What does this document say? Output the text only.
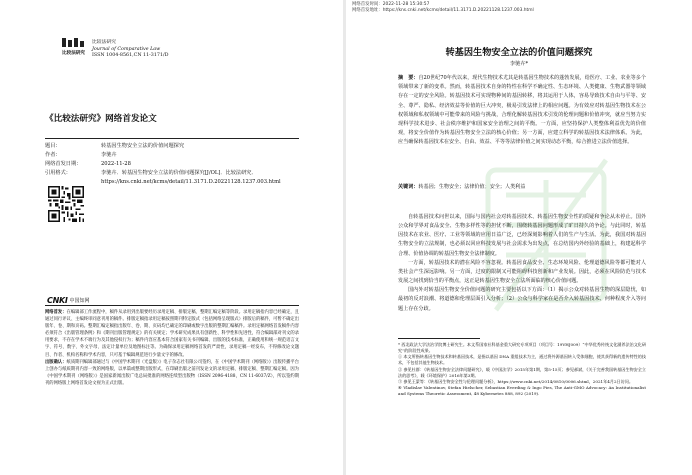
比较法研究
比较法研究
Journal of Comparative Law
ISSN 1004-8561,CN 11-3171/D
《比较法研究》网络首发论文
题目：	转基因生物安全立法的价值问题探究
作者：	李驰卉
网络首发日期：	2022-11-28
引用格式：	李驰卉．转基因生物安全立法的价值问题探究[J/OL]．比较法研究．
https://kns.cnki.net/kcms/detail/11.3171.D.20221128.1237.003.html
CNKI 中国知网
网络首发：在编辑部工作流程中，稿件从录用到出版要经历录用定稿、排版定稿、整期汇编定稿等阶段。录用定稿指内容已经确定，且通过同行评议、主编终审同意刊用的稿件。排版定稿指录用定稿按照期刊特定版式（包括网络呈现版式）排版后的稿件，可暂不确定出版年、卷、期和页码。整期汇编定稿指出版年、卷、期、页码均已确定的印刷或数字出版的整期汇编稿件。录用定稿网络首发稿件内容必须符合《出版管理条例》和《期刊出版管理规定》的有关规定；学术研究成果具有创新性、科学性和先进性，符合编辑部对刊文的录用要求，不存在学术不端行为及其他侵权行为；稿件内容应基本符合国家有关书刊编辑、出版的技术标准，正确使用和统一规范语言文字、符号、数字、外文字母、法定计量单位及地图标注等。为确保录用定稿网络首发的严肃性，录用定稿一经发布，不得修改论文题目、作者、机构名称和学术内容，只可基于编辑规范进行少量文字的修改。
出版确认：纸质期刊编辑部通过与《中国学术期刊（光盘版）》电子杂志社有限公司签约，在《中国学术期刊（网络版）》出版传播平台上创办与纸质期刊内容一致的网络版，以单篇或整期出版形式，在印刷出版之前刊发论文的录用定稿、排版定稿、整期汇编定稿。因为《中国学术期刊（网络版）》是国家新闻出版广电总局批准的网络连续型出版物（ISSN 2096-4188，CN 11-6037/Z），所以签约期刊的网络版上网络首发论文视为正式出版。
网络首发时间：2022-11-28 15:30:57
网络首发地址：https://kns.cnki.net/kcms/detail/11.3171.D.20221128.1237.003.html
转基因生物安全立法的价值问题探究
李驰卉*
摘　要：自20世纪70年代以来，现代生物技术尤其是转基因生物技术的蓬勃发展，给医疗、工业、农业等多个领域带来了新的变革。然而，转基因技术自身的特性在科学不确定性、生态环境、人类健康、生物武器等领域存在一定的安全风险。转基因技术可实现物种间的基因转移，将其运用于人体，容易导致技术自由与平等、安全、尊严、隐私、经济效益等价值的巨大冲突，极易引发法律上的相应问题。为有效应对转基因生物技术在公权领域和私权领域中可能带来的风险与挑战，合理化解转基因技术引发的伦理问题和价值冲突，就应当努力实现科学技术进步、社会秩序维护和国家安全治理之间的平衡。一方面，应坚持保护人类整体利益优先的价值观，将安全价值作为转基因生物安全立法的核心价值；另一方面，应建立科学的转基因技术法律体系。为此，应当确保转基因技术在安全、自由、效益、平等等法律价值之间实现动态平衡，综合推进立法价值选择。
关键词：转基因；生物安全；法律价值；安全；人类利益

自转基因技术问世以来，国际与国内社会对转基因技术、转基因生物安全性的质疑和争论从未停止。国外公众和学界对食品安全、生物多样性等的担忧不断，围绕转基因问题形成了旷日持久的争论。与此同时，转基因技术在农业、医疗、工业等领域的应用日益广泛，已经深刻影响着人们的生产与生活。为此，我国对转基因生物安全的立法规制，也必须以回应科技发展与社会需求为出发点，在总结国内外经验的基础上，构建起科学合理、价值协调的转基因生物安全法律制度。

一方面，转基因技术的潜在风险不容忽视。转基因食品安全、生态环境风险、伦理道德风险等都可能对人类社会产生深远影响。另一方面，过度的限制又可能阻碍科技创新和产业发展。因此，必须在风险防范与技术发展之间找到恰当的平衡点，这正是转基因生物安全立法所面临的核心价值问题。

国内外对转基因生物安全价值问题的研究主要包括以下方面：（1）揭示公众对转基因生物的深层隐忧，如最初的反对浪潮、将道德和伦理层面引入分析；（2）公众与科学家在是否介入转基因技术、何种程度介入等问题上存在分歧。

* 西北政法大学法治学院博士研究生。本文系国家社科基金重大研究专项项目（项目号：19VHJ009）“中华优秀传统文化涵养法治文化研究”的阶段性成果。

① 本文所指转基因生物技术和转基因技术，是指以基因 DNA 重组技术为主，通过将外源基因转入受体细胞，使其获得新的遗传特性的技术，不包括其他生物技术。

② 参见杜群：《转基因生物安全法律问题研究》，载《中国法学》2015年第1期，第5-15页；参见郝斌，《关于完善我国转基因生物安全立法的思考》，载《环境保护》2016年第3期。

③ 参见王蒙等：《转基因生物安全性与伦理问题分析》，https://www.cnki.net/2014/0810/0006.shtml，2021年4月2日访问。

④ Vladislav Valentinov, Stefan Hielscher, Sebastian Everding & Ingo Pies, The Anti-GMO Advocacy: An Institutionalist and Systems Theoretic Assessment, 48 Kybernetes 888, 892 (2019).
